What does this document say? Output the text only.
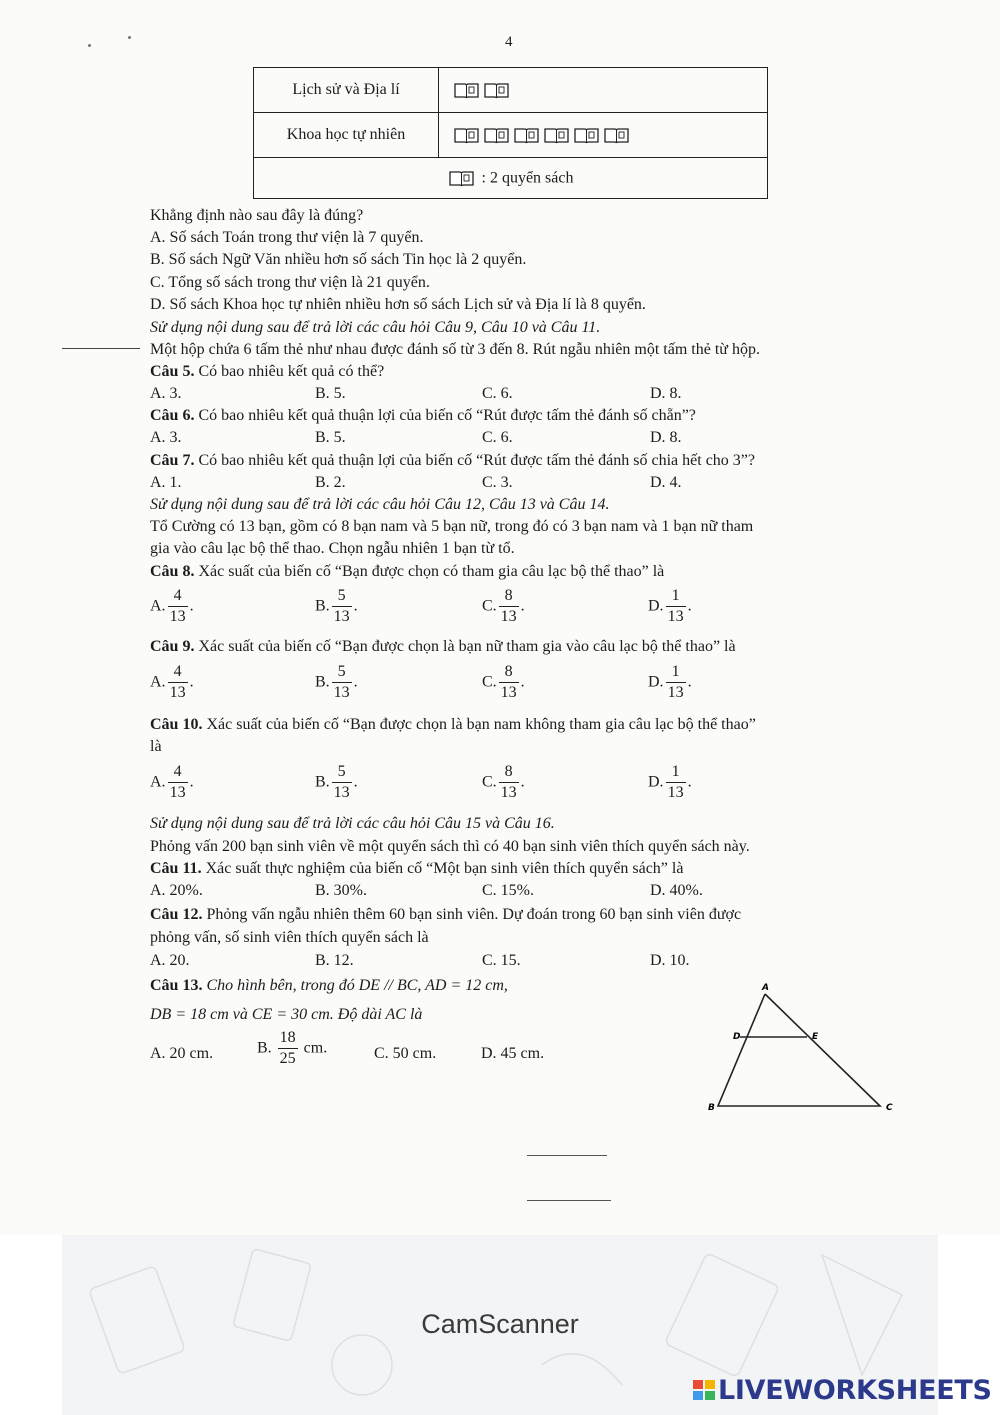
4
Lịch sử và Địa lí	

Khoa học tự nhiên	

: 2 quyển sách	
Khẳng định nào sau đây là đúng?
A. Số sách Toán trong thư viện là 7 quyển.
B. Số sách Ngữ Văn nhiều hơn số sách Tin học là 2 quyển.
C. Tổng số sách trong thư viện là 21 quyển.
D. Số sách Khoa học tự nhiên nhiều hơn số sách Lịch sử và Địa lí là 8 quyển.
Sử dụng nội dung sau để trả lời các câu hỏi Câu 9, Câu 10 và Câu 11.
Một hộp chứa 6 tấm thẻ như nhau được đánh số từ 3 đến 8. Rút ngẫu nhiên một tấm thẻ từ hộp.
Câu 5. Có bao nhiêu kết quả có thể?
A. 3.	B. 5.	C. 6.	D. 8.
Câu 6. Có bao nhiêu kết quả thuận lợi của biến cố “Rút được tấm thẻ đánh số chẵn”?
A. 3.	B. 5.	C. 6.	D. 8.
Câu 7. Có bao nhiêu kết quả thuận lợi của biến cố “Rút được tấm thẻ đánh số chia hết cho 3”?
A. 1.	B. 2.	C. 3.	D. 4.
Sử dụng nội dung sau để trả lời các câu hỏi Câu 12, Câu 13 và Câu 14.
Tổ Cường có 13 bạn, gồm có 8 bạn nam và 5 bạn nữ, trong đó có 3 bạn nam và 1 bạn nữ tham
gia vào câu lạc bộ thể thao. Chọn ngẫu nhiên 1 bạn từ tổ.
Câu 8. Xác suất của biến cố “Bạn được chọn có tham gia câu lạc bộ thể thao” là
A. $\frac{4}{13}$ .	B. $\frac{5}{13}$ .	C. $\frac{8}{13}$ .	D. $\frac{1}{13}$ .
Câu 9. Xác suất của biến cố “Bạn được chọn là bạn nữ tham gia vào câu lạc bộ thể thao” là
A. $\frac{4}{13}$ .	B. $\frac{5}{13}$ .	C. $\frac{8}{13}$ .	D. $\frac{1}{13}$ .
Câu 10. Xác suất của biến cố “Bạn được chọn là bạn nam không tham gia câu lạc bộ thể thao”
là
A. $\frac{4}{13}$ .	B. $\frac{5}{13}$ .	C. $\frac{8}{13}$ .	D. $\frac{1}{13}$ .
Sử dụng nội dung sau để trả lời các câu hỏi Câu 15 và Câu 16.
Phỏng vấn 200 bạn sinh viên về một quyển sách thì có 40 bạn sinh viên thích quyển sách này.
Câu 11. Xác suất thực nghiệm của biến cố “Một bạn sinh viên thích quyển sách” là
A. 20%.	B. 30%.	C. 15%.	D. 40%.
Câu 12. Phỏng vấn ngẫu nhiên thêm 60 bạn sinh viên. Dự đoán trong 60 bạn sinh viên được
phỏng vấn, số sinh viên thích quyển sách là
A. 20.	B. 12.	C. 15.	D. 10.
Câu 13. Cho hình bên, trong đó DE // BC, AD = 12 cm,
DB = 18 cm và CE = 30 cm. Độ dài AC là
A. 20 cm.	B. $\frac{18}{25}$ cm.	C. 50 cm.	D. 45 cm.
A
D	E
B	C
CamScanner
LIVEWORKSHEETS
